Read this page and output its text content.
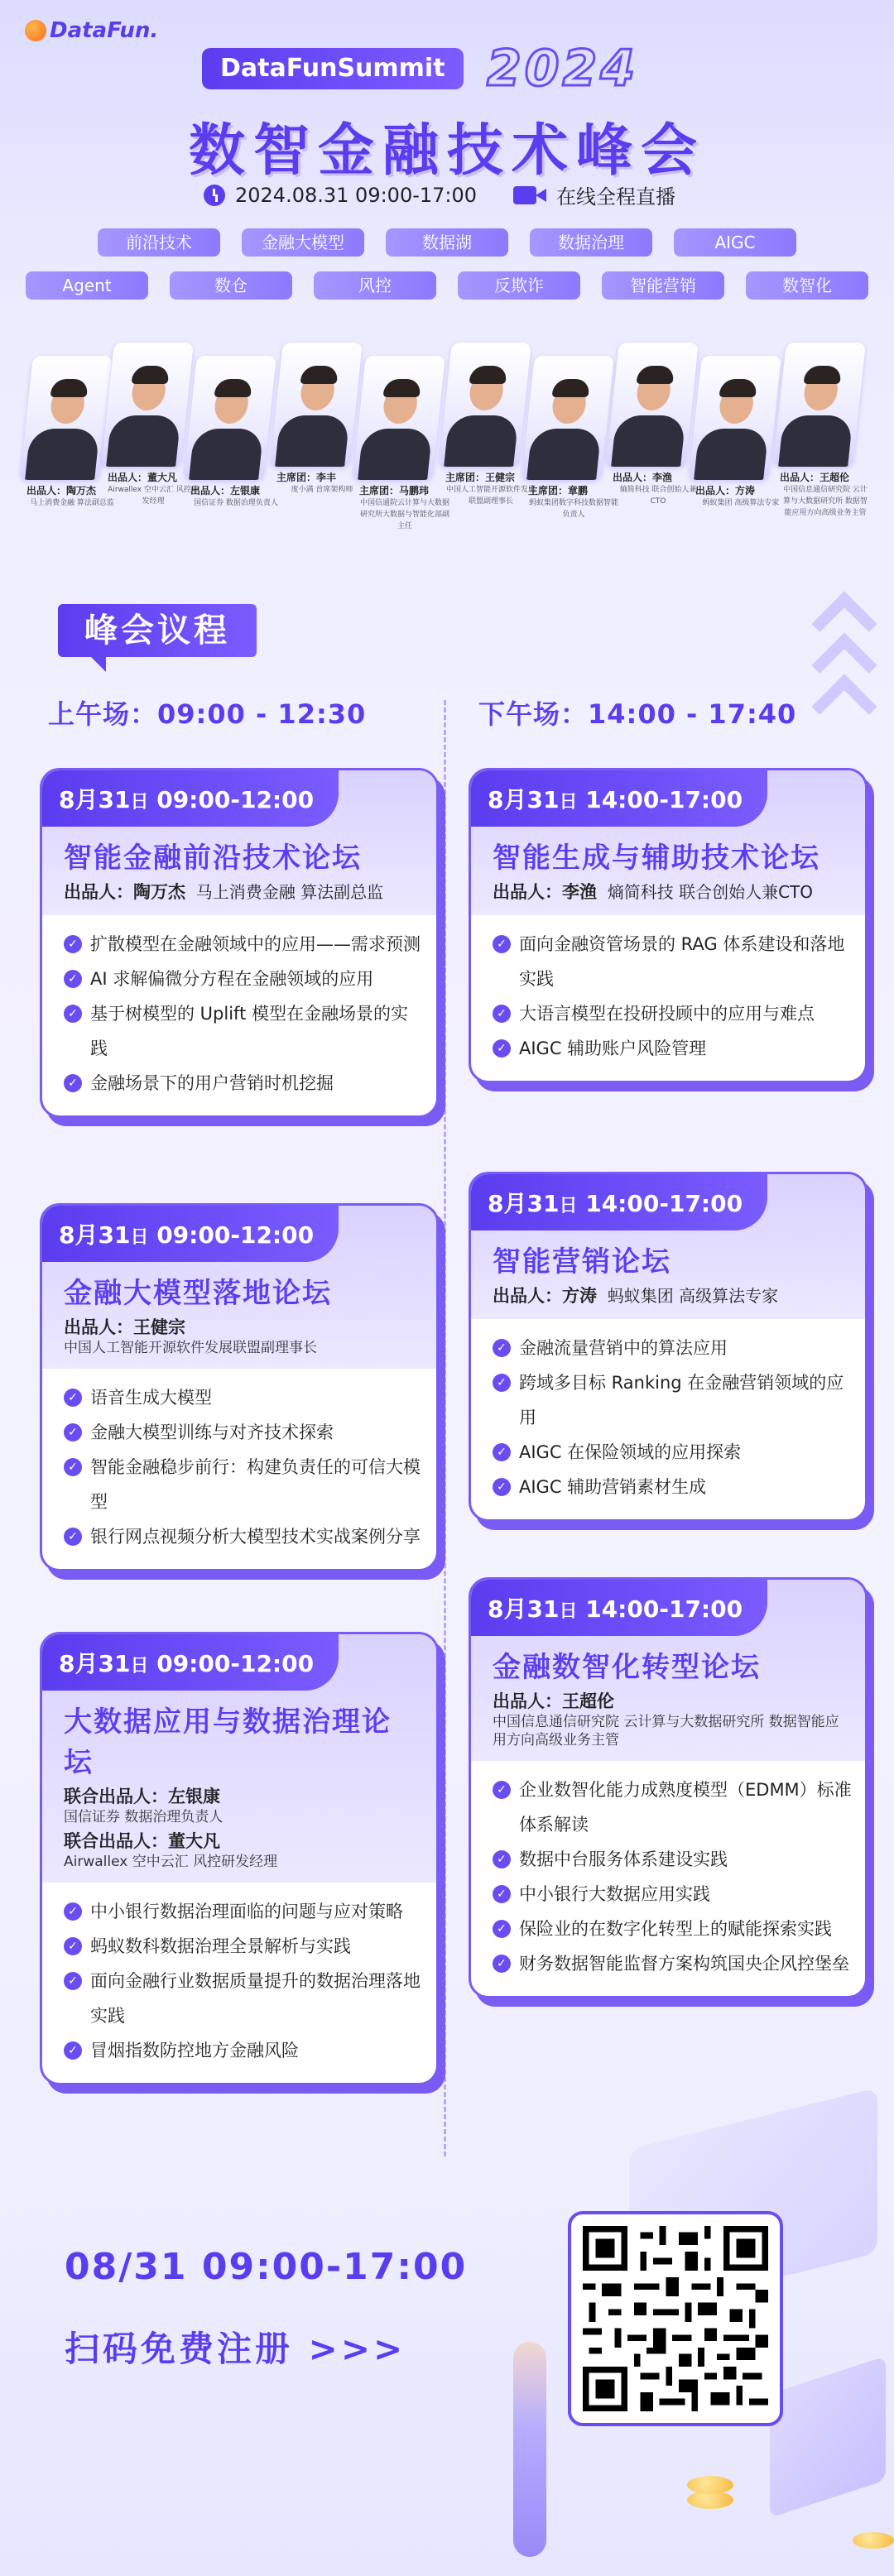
DataFun.
DataFunSummit 2024
数智金融技术峰会
2024.08.31 09:00-17:00	在线全程直播
前沿技术	金融大模型	数据湖	数据治理	AIGC
Agent	数仓	风控	反欺诈	智能营销	数智化
出品人：陶万杰
马上消费金融 算法副总监
出品人：董大凡
Airwallex 空中云汇 风控研发经理
出品人：左银康
国信证券 数据治理负责人
主席团：李丰
度小满 首席架构师 主席团：马鹏玮
中国信通院云计算与大数据研究所大数据与智能化部副主任
主席团：王健宗
中国人工智能开源软件发展联盟副理事长
主席团：章鹏
蚂蚁集团数字科技数据智能负责人
出品人：李渔
熵简科技 联合创始人兼CTO
出品人：方涛
蚂蚁集团 高级算法专家
出品人：王超伦
中国信息通信研究院 云计算与大数据研究所 数据智能应用方向高级业务主管
峰会议程
上午场：09:00 - 12:30	下午场：14:00 - 17:40
8月31日 09:00-12:00
智能金融前沿技术论坛
出品人：陶万杰 马上消费金融 算法副总监
✓ 扩散模型在金融领域中的应用——需求预测
✓ AI 求解偏微分方程在金融领域的应用
✓ 基于树模型的 Uplift 模型在金融场景的实践
✓ 金融场景下的用户营销时机挖掘
8月31日 09:00-12:00
金融大模型落地论坛
出品人：王健宗
中国人工智能开源软件发展联盟副理事长
✓ 语音生成大模型
✓ 金融大模型训练与对齐技术探索
✓ 智能金融稳步前行：构建负责任的可信大模型
✓ 银行网点视频分析大模型技术实战案例分享
8月31日 09:00-12:00
大数据应用与数据治理论坛
联合出品人：左银康
国信证券 数据治理负责人
联合出品人：董大凡
Airwallex 空中云汇 风控研发经理
✓ 中小银行数据治理面临的问题与应对策略
✓ 蚂蚁数科数据治理全景解析与实践
✓ 面向金融行业数据质量提升的数据治理落地实践
✓ 冒烟指数防控地方金融风险
8月31日 14:00-17:00
智能生成与辅助技术论坛
出品人：李渔 熵简科技 联合创始人兼CTO
✓ 面向金融资管场景的 RAG 体系建设和落地实践
✓ 大语言模型在投研投顾中的应用与难点
✓ AIGC 辅助账户风险管理
8月31日 14:00-17:00
智能营销论坛
出品人：方涛 蚂蚁集团 高级算法专家
✓ 金融流量营销中的算法应用
✓ 跨域多目标 Ranking 在金融营销领域的应用
✓ AIGC 在保险领域的应用探索
✓ AIGC 辅助营销素材生成
8月31日 14:00-17:00
金融数智化转型论坛
出品人：王超伦
中国信息通信研究院 云计算与大数据研究所 数据智能应用方向高级业务主管
✓ 企业数智化能力成熟度模型（EDMM）标准体系解读
✓ 数据中台服务体系建设实践
✓ 中小银行大数据应用实践
✓ 保险业的在数字化转型上的赋能探索实践
✓ 财务数据智能监督方案构筑国央企风控堡垒
08/31 09:00-17:00
扫码免费注册 >>>
